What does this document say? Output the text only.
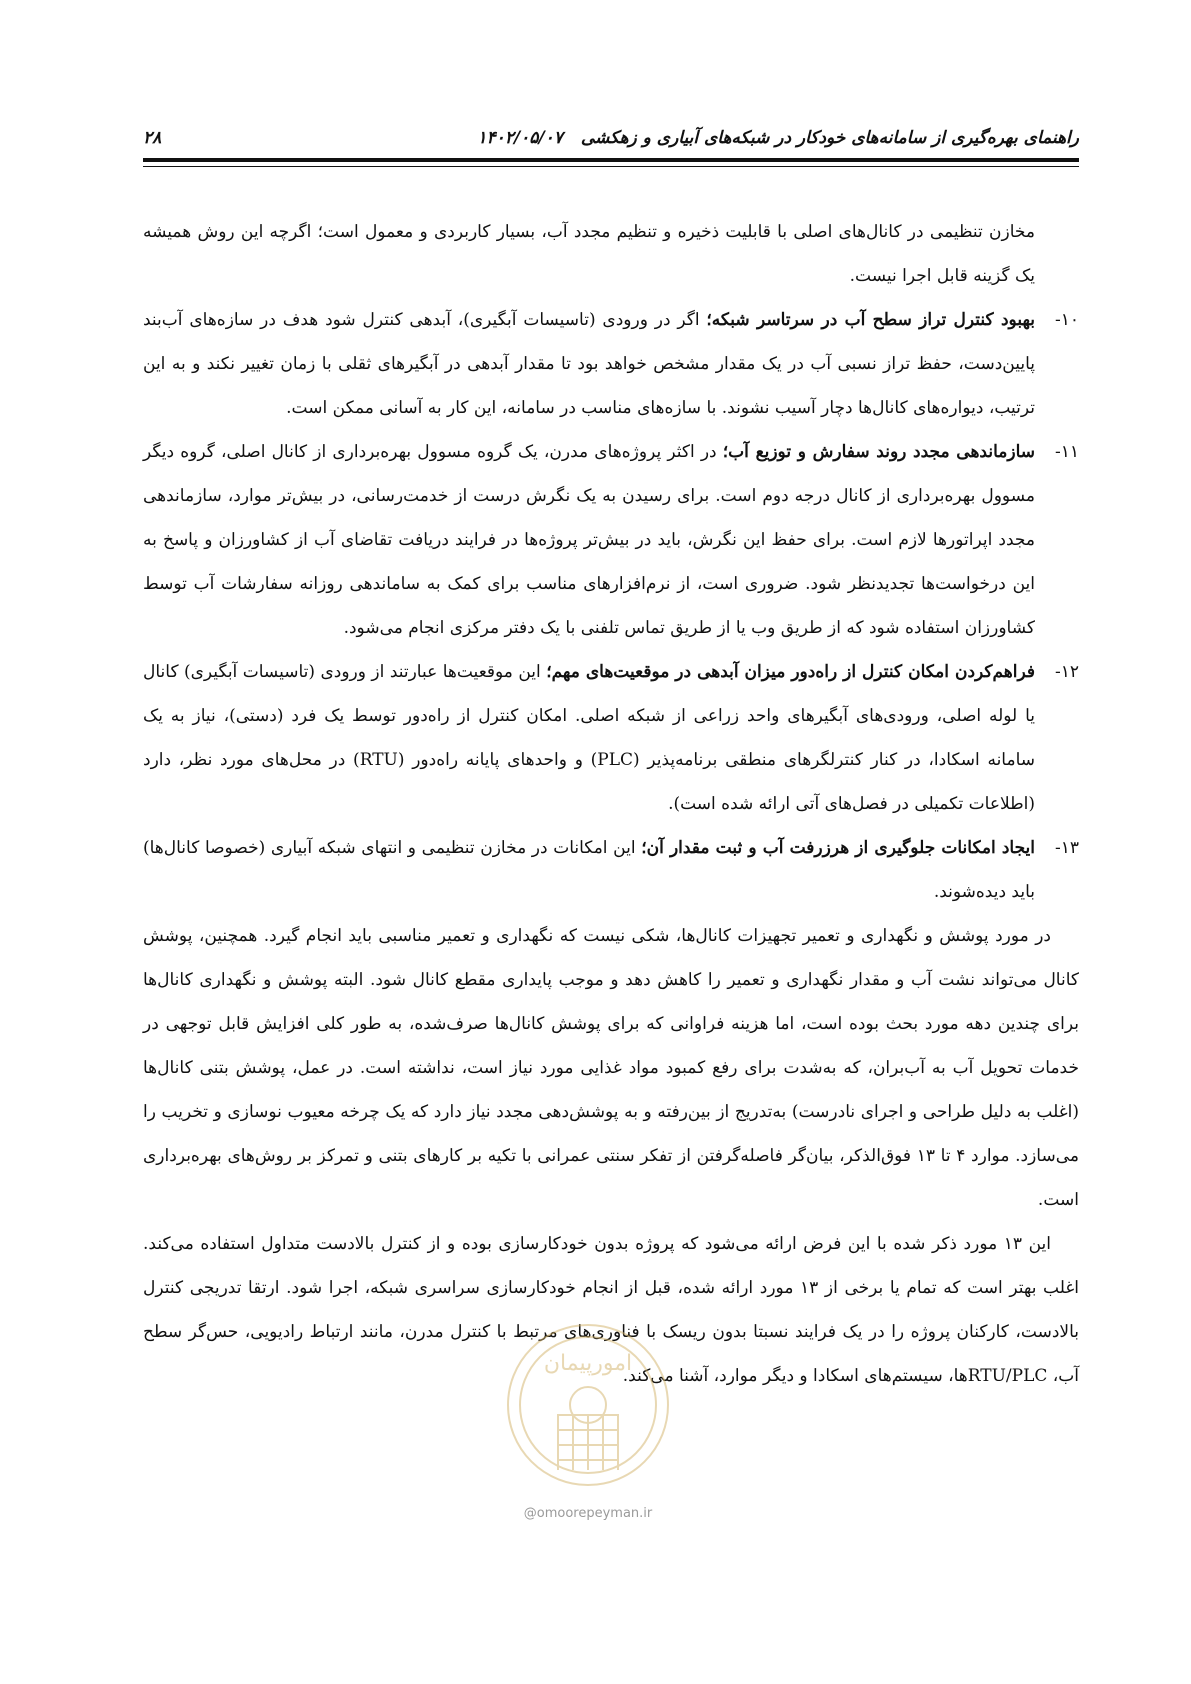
۲۸	راهنمای بهره‌گیری از سامانه‌های خودکار در شبکه‌های آبیاری و زهکشی۱۴۰۲/۰۵/۰۷

مخازن تنظیمی در کانال‌های اصلی با قابلیت ذخیره و تنظیم مجدد آب، بسیار کاربردی و معمول است؛ اگرچه این روش همیشه یک گزینه قابل اجرا نیست.

۱۰-بهبود کنترل تراز سطح آب در سرتاسر شبکه؛ اگر در ورودی (تاسیسات آبگیری)، آبدهی کنترل شود هدف در سازه‌های آب‌بند پایین‌دست، حفظ تراز نسبی آب در یک مقدار مشخص خواهد بود تا مقدار آبدهی در آبگیرهای ثقلی با زمان تغییر نکند و به این ترتیب، دیواره‌های کانال‌ها دچار آسیب نشوند. با سازه‌های مناسب در سامانه، این کار به آسانی ممکن است.

۱۱-سازماندهی مجدد روند سفارش و توزیع آب؛ در اکثر پروژه‌های مدرن، یک گروه مسوول بهره‌برداری از کانال اصلی، گروه دیگر مسوول بهره‌برداری از کانال درجه دوم است. برای رسیدن به یک نگرش درست از خدمت‌رسانی، در بیش‌تر موارد، سازماندهی مجدد اپراتورها لازم است. برای حفظ این نگرش، باید در بیش‌تر پروژه‌ها در فرایند دریافت تقاضای آب از کشاورزان و پاسخ به این درخواست‌ها تجدیدنظر شود. ضروری است، از نرم‌افزارهای مناسب برای کمک به ساماندهی روزانه سفارشات آب توسط کشاورزان استفاده شود که از طریق وب یا از طریق تماس تلفنی با یک دفتر مرکزی انجام می‌شود.

۱۲-فراهم‌کردن امکان کنترل از راه‌دور میزان آبدهی در موقعیت‌های مهم؛ این موقعیت‌ها عبارتند از ورودی (تاسیسات آبگیری) کانال یا لوله اصلی، ورودی‌های آبگیرهای واحد زراعی از شبکه اصلی. امکان کنترل از راه‌دور توسط یک فرد (دستی)، نیاز به یک سامانه اسکادا، در کنار کنترلگرهای منطقی برنامه‌پذیر (PLC) و واحدهای پایانه راه‌دور (RTU) در محل‌های مورد نظر، دارد (اطلاعات تکمیلی در فصل‌های آتی ارائه شده است).

۱۳-ایجاد امکانات جلوگیری از هرزرفت آب و ثبت مقدار آن؛ این امکانات در مخازن تنظیمی و انتهای شبکه آبیاری (خصوصا کانال‌ها) باید دیده‌شوند.

در مورد پوشش و نگهداری و تعمیر تجهیزات کانال‌ها، شکی نیست که نگهداری و تعمیر مناسبی باید انجام گیرد. همچنین، پوشش کانال می‌تواند نشت آب و مقدار نگهداری و تعمیر را کاهش دهد و موجب پایداری مقطع کانال شود. البته پوشش و نگهداری کانال‌ها برای چندین دهه مورد بحث بوده است، اما هزینه فراوانی که برای پوشش کانال‌ها صرف‌شده، به طور کلی افزایش قابل توجهی در خدمات تحویل آب به آب‌بران، که به‌شدت برای رفع کمبود مواد غذایی مورد نیاز است، نداشته است. در عمل، پوشش بتنی کانال‌ها (اغلب به دلیل طراحی و اجرای نادرست) به‌تدریج از بین‌رفته و به پوشش‌دهی مجدد نیاز دارد که یک چرخه معیوب نوسازی و تخریب را می‌سازد. موارد ۴ تا ۱۳ فوق‌الذکر، بیان‌گر فاصله‌گرفتن از تفکر سنتی عمرانی با تکیه بر کارهای بتنی و تمرکز بر روش‌های بهره‌برداری است.

این ۱۳ مورد ذکر شده با این فرض ارائه می‌شود که پروژه بدون خودکارسازی بوده و از کنترل بالادست متداول استفاده می‌کند. اغلب بهتر است که تمام یا برخی از ۱۳ مورد ارائه شده، قبل از انجام خودکارسازی سراسری شبکه، اجرا شود. ارتقا تدریجی کنترل بالادست، کارکنان پروژه را در یک فرایند نسبتا بدون ریسک با فناوری‌های مرتبط با کنترل مدرن، مانند ارتباط رادیویی، حس‌گر سطح آب، RTU/PLCها، سیستم‌های اسکادا و دیگر موارد، آشنا می‌کند.

امورپیمان
@omoorepeyman.ir
